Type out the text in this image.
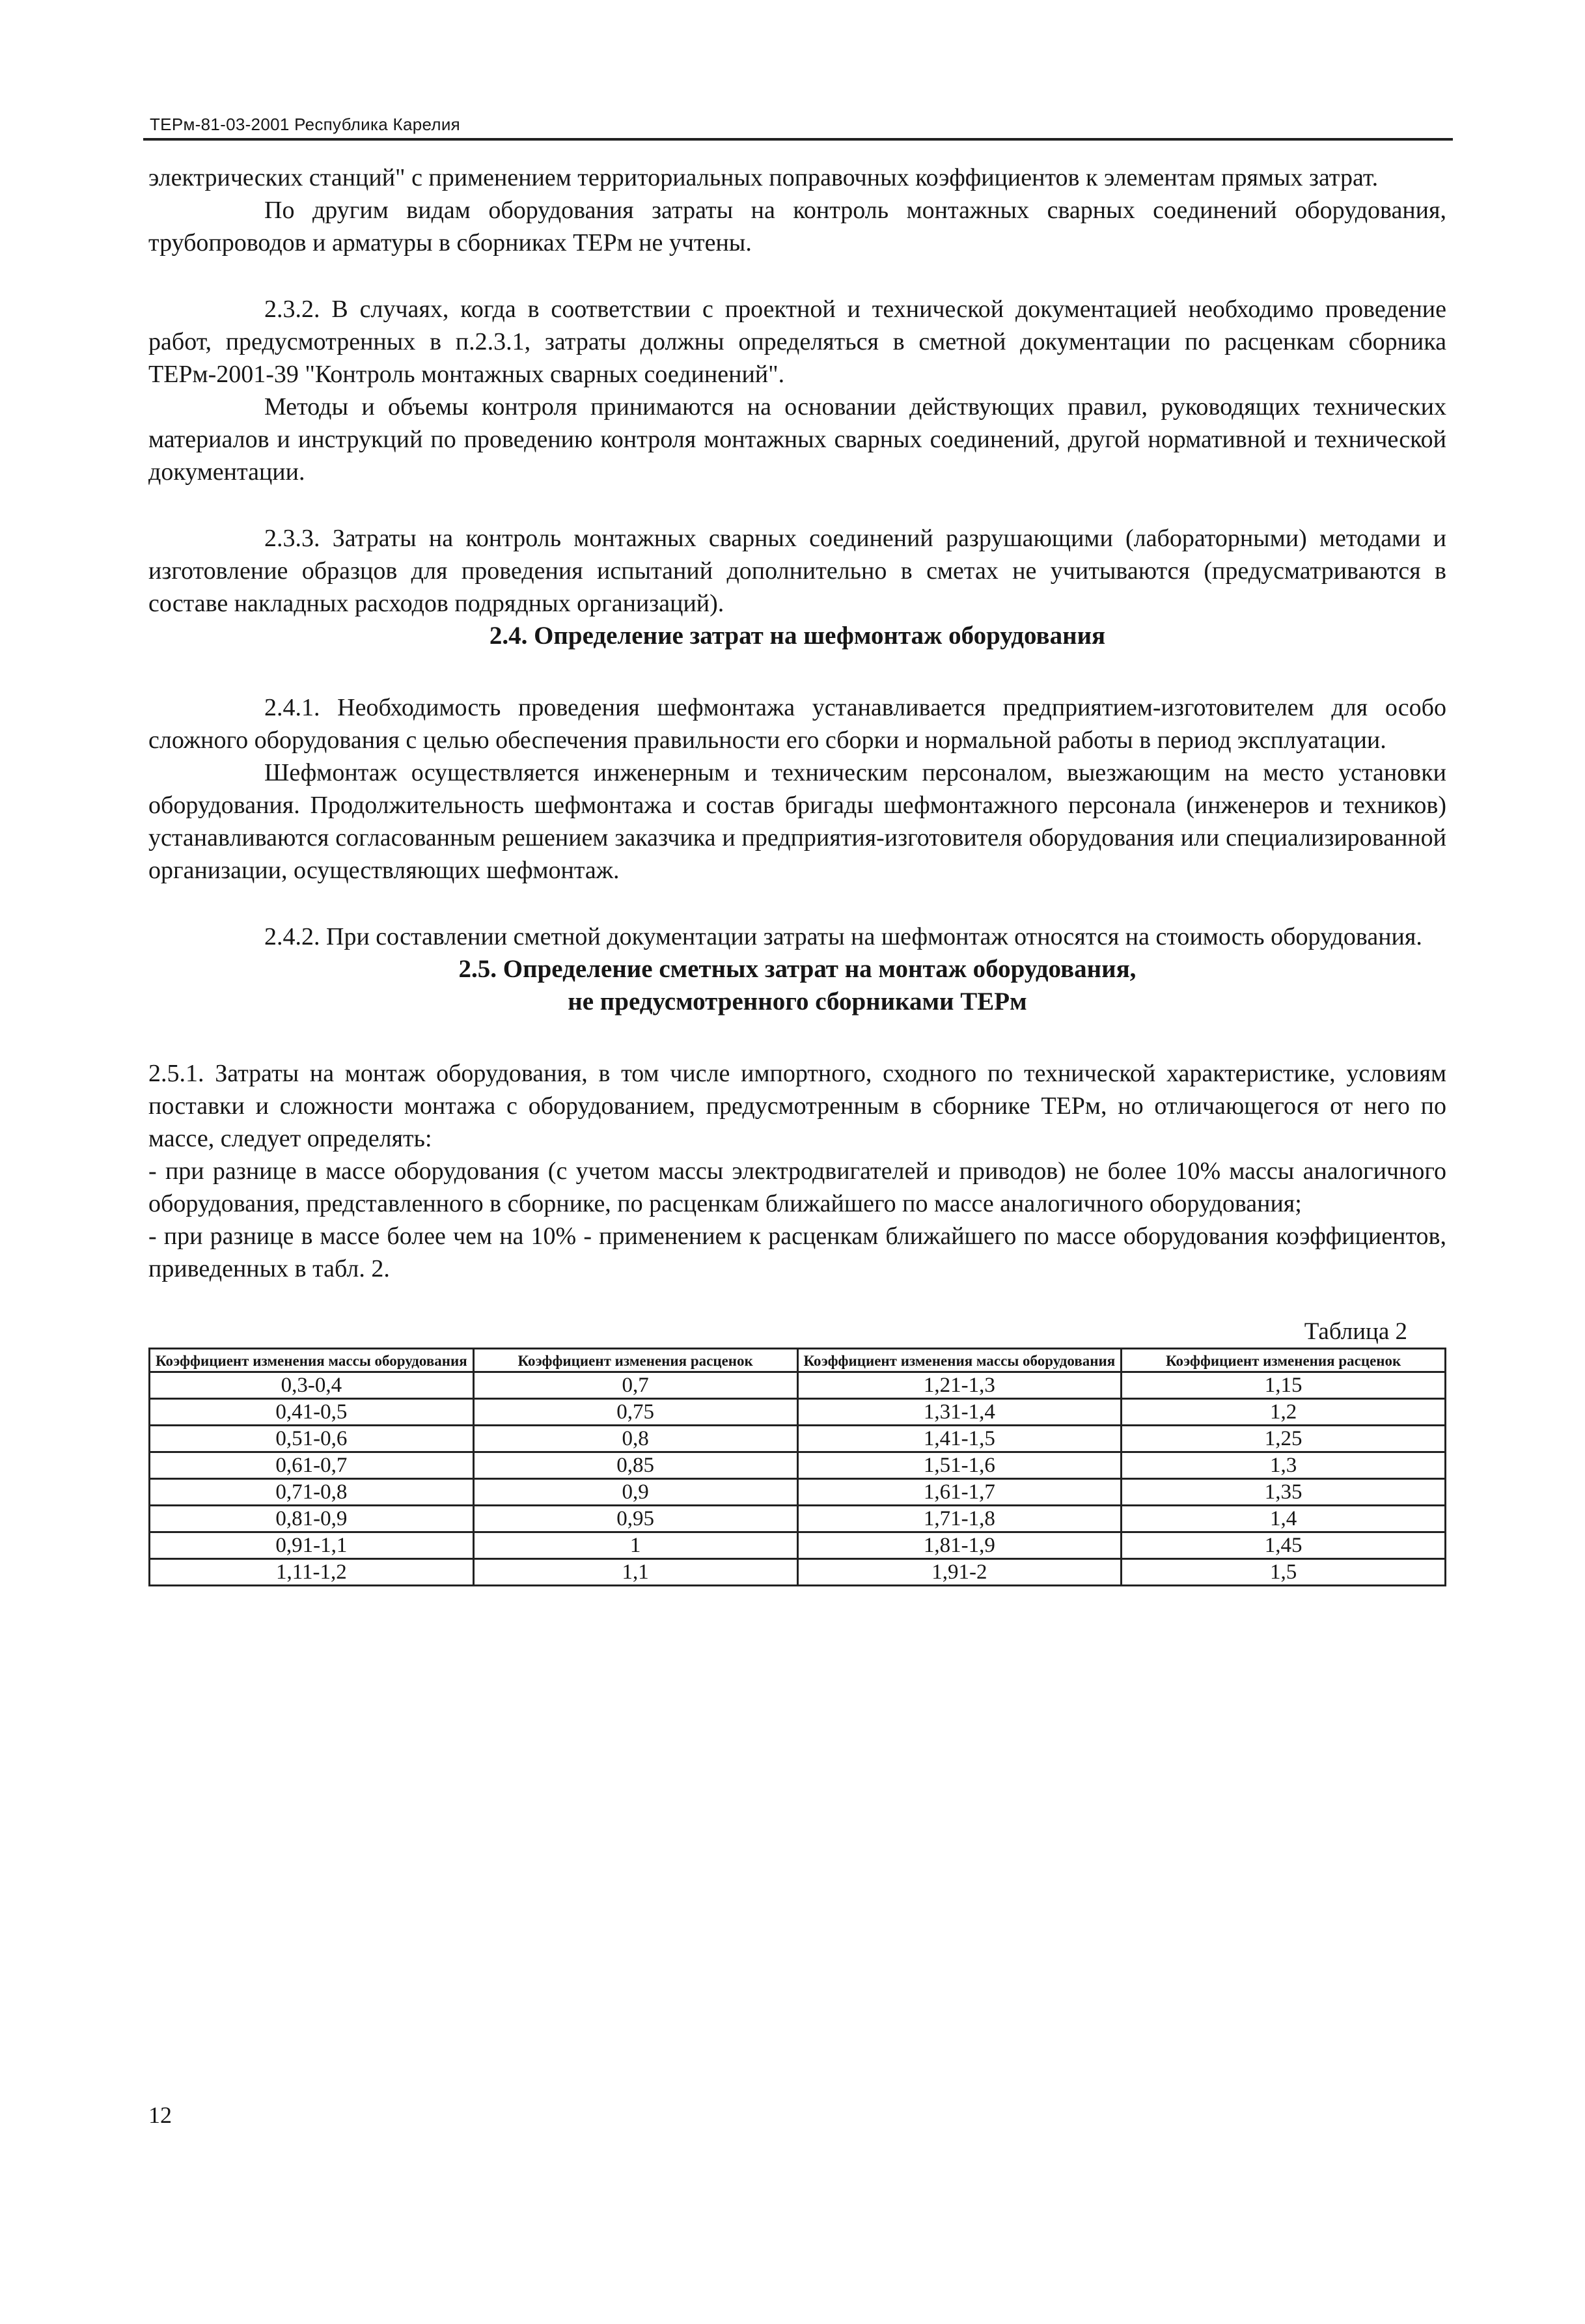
ТЕРм-81-03-2001 Республика Карелия

электрических станций" с применением территориальных поправочных коэффициентов к элементам прямых затрат.

По другим видам оборудования затраты на контроль монтажных сварных соединений оборудования, трубопроводов и арматуры в сборниках ТЕРм не учтены.

2.3.2. В случаях, когда в соответствии с проектной и технической документацией необходимо проведение работ, предусмотренных в п.2.3.1, затраты должны определяться в сметной документации по расценкам сборника ТЕРм-2001-39 "Контроль монтажных сварных соединений".

Методы и объемы контроля принимаются на основании действующих правил, руководящих технических материалов и инструкций по проведению контроля монтажных сварных соединений, другой нормативной и технической документации.

2.3.3. Затраты на контроль монтажных сварных соединений разрушающими (лабораторными) методами и изготовление образцов для проведения испытаний дополнительно в сметах не учитываются (предусматриваются в составе накладных расходов подрядных организаций).

2.4. Определение затрат на шефмонтаж оборудования

2.4.1. Необходимость проведения шефмонтажа устанавливается предприятием-изготовителем для особо сложного оборудования с целью обеспечения правильности его сборки и нормальной работы в период эксплуатации.

Шефмонтаж осуществляется инженерным и техническим персоналом, выезжающим на место установки оборудования. Продолжительность шефмонтажа и состав бригады шефмонтажного персонала (инженеров и техников) устанавливаются согласованным решением заказчика и предприятия-изготовителя оборудования или специализированной организации, осуществляющих шефмонтаж.

2.4.2. При составлении сметной документации затраты на шефмонтаж относятся на стоимость оборудования.

2.5. Определение сметных затрат на монтаж оборудования,
не предусмотренного сборниками ТЕРм

2.5.1. Затраты на монтаж оборудования, в том числе импортного, сходного по технической характеристике, условиям поставки и сложности монтажа с оборудованием, предусмотренным в сборнике ТЕРм, но отличающегося от него по массе, следует определять:

- при разнице в массе оборудования (с учетом массы электродвигателей и приводов) не более 10% массы аналогичного оборудования, представленного в сборнике, по расценкам ближайшего по массе аналогичного оборудования;

- при разнице в массе более чем на 10% - применением к расценкам ближайшего по массе оборудования коэффициентов, приведенных в табл. 2.

Таблица 2
Коэффициент изменения массы оборудования	Коэффициент изменения расценок	Коэффициент изменения массы оборудования	Коэффициент изменения расценок
0,3-0,4	0,7	1,21-1,3	1,15
0,41-0,5	0,75	1,31-1,4	1,2
0,51-0,6	0,8	1,41-1,5	1,25
0,61-0,7	0,85	1,51-1,6	1,3
0,71-0,8	0,9	1,61-1,7	1,35
0,81-0,9	0,95	1,71-1,8	1,4
0,91-1,1	1	1,81-1,9	1,45
1,11-1,2	1,1	1,91-2	1,5
12
